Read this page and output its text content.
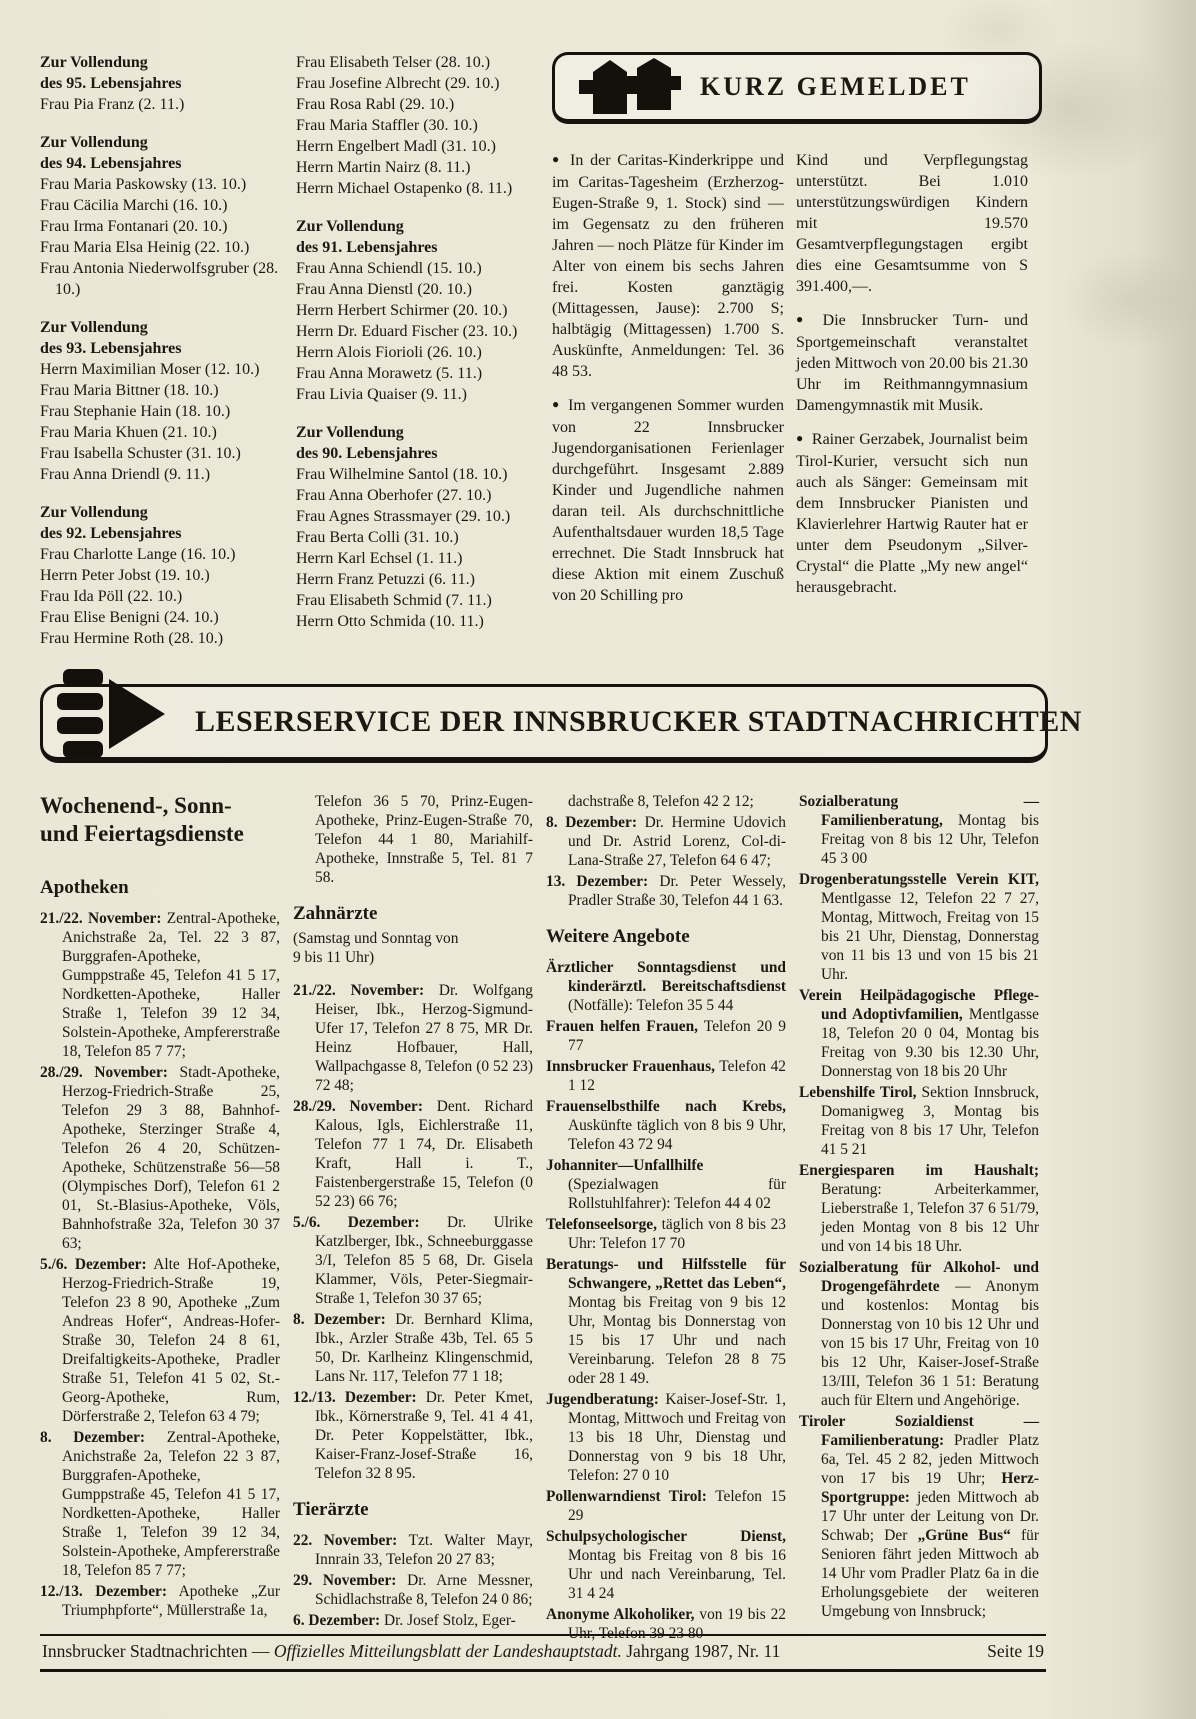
Zur Vollendung
des 95. Lebensjahres
Frau Pia Franz (2. 11.)
Zur Vollendung
des 94. Lebensjahres
Frau Maria Paskowsky (13. 10.)
Frau Cäcilia Marchi (16. 10.)
Frau Irma Fontanari (20. 10.)
Frau Maria Elsa Heinig (22. 10.)
Frau Antonia Niederwolfsgruber (28. 10.)
Zur Vollendung
des 93. Lebensjahres
Herrn Maximilian Moser (12. 10.)
Frau Maria Bittner (18. 10.)
Frau Stephanie Hain (18. 10.)
Frau Maria Khuen (21. 10.)
Frau Isabella Schuster (31. 10.)
Frau Anna Driendl (9. 11.)
Zur Vollendung
des 92. Lebensjahres
Frau Charlotte Lange (16. 10.)
Herrn Peter Jobst (19. 10.)
Frau Ida Pöll (22. 10.)
Frau Elise Benigni (24. 10.)
Frau Hermine Roth (28. 10.)
Frau Elisabeth Telser (28. 10.)
Frau Josefine Albrecht (29. 10.)
Frau Rosa Rabl (29. 10.)
Frau Maria Staffler (30. 10.)
Herrn Engelbert Madl (31. 10.)
Herrn Martin Nairz (8. 11.)
Herrn Michael Ostapenko (8. 11.)
Zur Vollendung
des 91. Lebensjahres
Frau Anna Schiendl (15. 10.)
Frau Anna Dienstl (20. 10.)
Herrn Herbert Schirmer (20. 10.)
Herrn Dr. Eduard Fischer (23. 10.)
Herrn Alois Fiorioli (26. 10.)
Frau Anna Morawetz (5. 11.)
Frau Livia Quaiser (9. 11.)
Zur Vollendung
des 90. Lebensjahres
Frau Wilhelmine Santol (18. 10.)
Frau Anna Oberhofer (27. 10.)
Frau Agnes Strassmayer (29. 10.)
Frau Berta Colli (31. 10.)
Herrn Karl Echsel (1. 11.)
Herrn Franz Petuzzi (6. 11.)
Frau Elisabeth Schmid (7. 11.)
Herrn Otto Schmida (10. 11.)
KURZ GEMELDET
● In der Caritas-Kinderkrippe und im Caritas-Tagesheim (Erzherzog-Eugen-Straße 9, 1. Stock) sind — im Gegensatz zu den früheren Jahren — noch Plätze für Kinder im Alter von einem bis sechs Jahren frei. Kosten ganztägig (Mittagessen, Jause): 2.700 S; halbtägig (Mittagessen) 1.700 S. Auskünfte, Anmeldungen: Tel. 36 48 53.
● Im vergangenen Sommer wurden von 22 Innsbrucker Jugendorganisationen Ferienlager durchgeführt. Insgesamt 2.889 Kinder und Jugendliche nahmen daran teil. Als durchschnittliche Aufenthaltsdauer wurden 18,5 Tage errechnet. Die Stadt Innsbruck hat diese Aktion mit einem Zuschuß von 20 Schilling pro
Kind und Verpflegungstag unterstützt. Bei 1.010 unterstützungswürdigen Kindern mit 19.570 Gesamtverpflegungstagen ergibt dies eine Gesamtsumme von S 391.400,—.
● Die Innsbrucker Turn- und Sportgemeinschaft veranstaltet jeden Mittwoch von 20.00 bis 21.30 Uhr im Reithmanngymnasium Damengymnastik mit Musik.
● Rainer Gerzabek, Journalist beim Tirol-Kurier, versucht sich nun auch als Sänger: Gemeinsam mit dem Innsbrucker Pianisten und Klavierlehrer Hartwig Rauter hat er unter dem Pseudonym „Silver-Crystal“ die Platte „My new angel“ herausgebracht.
LESERSERVICE DER INNSBRUCKER STADTNACHRICHTEN
Wochenend-, Sonn-
und Feiertagsdienste
Apotheken
21./22. November: Zentral-Apotheke, Anichstraße 2a, Tel. 22 3 87, Burggrafen-Apotheke, Gumppstraße 45, Telefon 41 5 17, Nordketten-Apotheke, Haller Straße 1, Telefon 39 12 34, Solstein-Apotheke, Ampfererstraße 18, Telefon 85 7 77;
28./29. November: Stadt-Apotheke, Herzog-Friedrich-Straße 25, Telefon 29 3 88, Bahnhof-Apotheke, Sterzinger Straße 4, Telefon 26 4 20, Schützen-Apotheke, Schützenstraße 56—58 (Olympisches Dorf), Telefon 61 2 01, St.-Blasius-Apotheke, Völs, Bahnhofstraße 32a, Telefon 30 37 63;
5./6. Dezember: Alte Hof-Apotheke, Herzog-Friedrich-Straße 19, Telefon 23 8 90, Apotheke „Zum Andreas Hofer“, Andreas-Hofer-Straße 30, Telefon 24 8 61, Dreifaltigkeits-Apotheke, Pradler Straße 51, Telefon 41 5 02, St.-Georg-Apotheke, Rum, Dörferstraße 2, Telefon 63 4 79;
8. Dezember: Zentral-Apotheke, Anichstraße 2a, Telefon 22 3 87, Burggrafen-Apotheke, Gumppstraße 45, Telefon 41 5 17, Nordketten-Apotheke, Haller Straße 1, Telefon 39 12 34, Solstein-Apotheke, Ampfererstraße 18, Telefon 85 7 77;
12./13. Dezember: Apotheke „Zur Triumphpforte“, Müllerstraße 1a,
Telefon 36 5 70, Prinz-Eugen-Apotheke, Prinz-Eugen-Straße 70, Telefon 44 1 80, Mariahilf-Apotheke, Innstraße 5, Tel. 81 7 58.
Zahnärzte
(Samstag und Sonntag von
9 bis 11 Uhr)
21./22. November: Dr. Wolfgang Heiser, Ibk., Herzog-Sigmund-Ufer 17, Telefon 27 8 75, MR Dr. Heinz Hofbauer, Hall, Wallpachgasse 8, Telefon (0 52 23) 72 48;
28./29. November: Dent. Richard Kalous, Igls, Eichlerstraße 11, Telefon 77 1 74, Dr. Elisabeth Kraft, Hall i. T., Faistenbergerstraße 15, Telefon (0 52 23) 66 76;
5./6. Dezember: Dr. Ulrike Katzlberger, Ibk., Schneeburggasse 3/I, Telefon 85 5 68, Dr. Gisela Klammer, Völs, Peter-Siegmair-Straße 1, Telefon 30 37 65;
8. Dezember: Dr. Bernhard Klima, Ibk., Arzler Straße 43b, Tel. 65 5 50, Dr. Karlheinz Klingenschmid, Lans Nr. 117, Telefon 77 1 18;
12./13. Dezember: Dr. Peter Kmet, Ibk., Körnerstraße 9, Tel. 41 4 41, Dr. Peter Koppelstätter, Ibk., Kaiser-Franz-Josef-Straße 16, Telefon 32 8 95.
Tierärzte
22. November: Tzt. Walter Mayr, Innrain 33, Telefon 20 27 83;
29. November: Dr. Arne Messner, Schidlachstraße 8, Telefon 24 0 86;
6. Dezember: Dr. Josef Stolz, Eger-
dachstraße 8, Telefon 42 2 12;
8. Dezember: Dr. Hermine Udovich und Dr. Astrid Lorenz, Col-di-Lana-Straße 27, Telefon 64 6 47;
13. Dezember: Dr. Peter Wessely, Pradler Straße 30, Telefon 44 1 63.
Weitere Angebote
Ärztlicher Sonntagsdienst und kinderärztl. Bereitschaftsdienst (Notfälle): Telefon 35 5 44
Frauen helfen Frauen, Telefon 20 9 77
Innsbrucker Frauenhaus, Telefon 42 1 12
Frauenselbsthilfe nach Krebs, Auskünfte täglich von 8 bis 9 Uhr, Telefon 43 72 94
Johanniter—Unfallhilfe (Spezialwagen für Rollstuhlfahrer): Telefon 44 4 02
Telefonseelsorge, täglich von 8 bis 23 Uhr: Telefon 17 70
Beratungs- und Hilfsstelle für Schwangere, „Rettet das Leben“, Montag bis Freitag von 9 bis 12 Uhr, Montag bis Donnerstag von 15 bis 17 Uhr und nach Vereinbarung. Telefon 28 8 75 oder 28 1 49.
Jugendberatung: Kaiser-Josef-Str. 1, Montag, Mittwoch und Freitag von 13 bis 18 Uhr, Dienstag und Donnerstag von 9 bis 18 Uhr, Telefon: 27 0 10
Pollenwarndienst Tirol: Telefon 15 29
Schulpsychologischer Dienst, Montag bis Freitag von 8 bis 16 Uhr und nach Vereinbarung, Tel. 31 4 24
Anonyme Alkoholiker, von 19 bis 22 Uhr, Telefon 39 23 80
Sozialberatung — Familienberatung, Montag bis Freitag von 8 bis 12 Uhr, Telefon 45 3 00
Drogenberatungsstelle Verein KIT, Mentlgasse 12, Telefon 22 7 27, Montag, Mittwoch, Freitag von 15 bis 21 Uhr, Dienstag, Donnerstag von 11 bis 13 und von 15 bis 21 Uhr.
Verein Heilpädagogische Pflege- und Adoptivfamilien, Mentlgasse 18, Telefon 20 0 04, Montag bis Freitag von 9.30 bis 12.30 Uhr, Donnerstag von 18 bis 20 Uhr
Lebenshilfe Tirol, Sektion Innsbruck, Domanigweg 3, Montag bis Freitag von 8 bis 17 Uhr, Telefon 41 5 21
Energiesparen im Haushalt; Beratung: Arbeiterkammer, Lieberstraße 1, Telefon 37 6 51/79, jeden Montag von 8 bis 12 Uhr und von 14 bis 18 Uhr.
Sozialberatung für Alkohol- und Drogengefährdete — Anonym und kostenlos: Montag bis Donnerstag von 10 bis 12 Uhr und von 15 bis 17 Uhr, Freitag von 10 bis 12 Uhr, Kaiser-Josef-Straße 13/III, Telefon 36 1 51: Beratung auch für Eltern und Angehörige.
Tiroler Sozialdienst — Familienberatung: Pradler Platz 6a, Tel. 45 2 82, jeden Mittwoch von 17 bis 19 Uhr; Herz-Sportgruppe: jeden Mittwoch ab 17 Uhr unter der Leitung von Dr. Schwab; Der „Grüne Bus“ für Senioren fährt jeden Mittwoch ab 14 Uhr vom Pradler Platz 6a in die Erholungsgebiete der weiteren Umgebung von Innsbruck;
Innsbrucker Stadtnachrichten — Offizielles Mitteilungsblatt der Landeshauptstadt. Jahrgang 1987, Nr. 11	Seite 19
